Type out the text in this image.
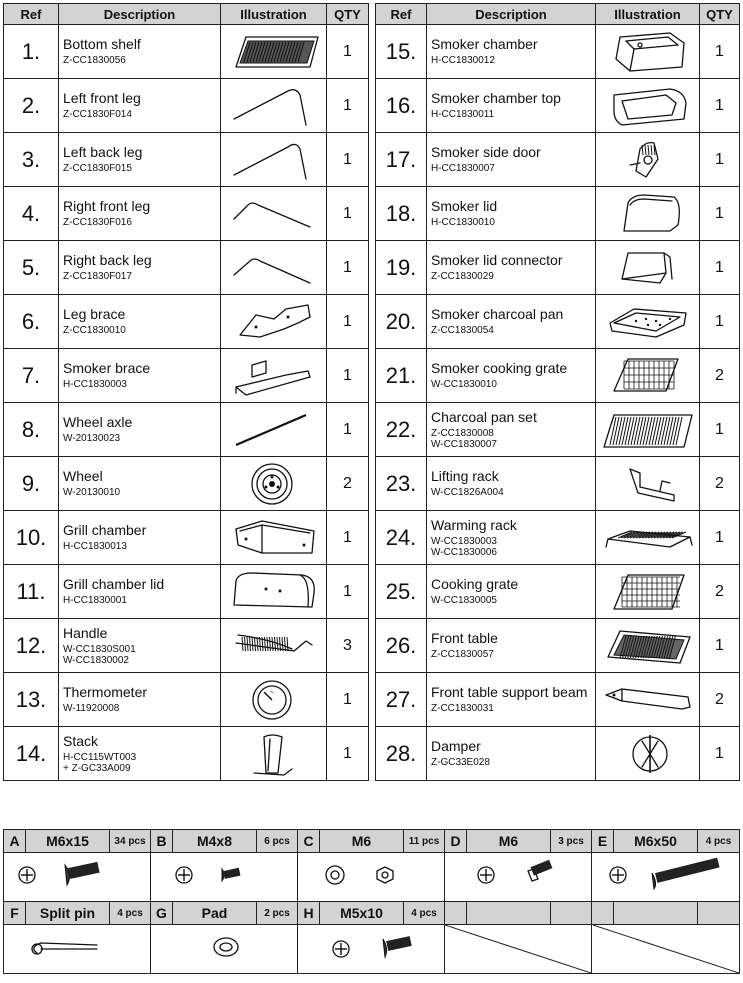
Ref	Description	Illustration	QTY
1.	Bottom shelf
Z-CC1830056		1
2.	Left front leg
Z-CC1830F014		1
3.	Left back leg
Z-CC1830F015		1
4.	Right front leg
Z-CC1830F016		1
5.	Right back leg
Z-CC1830F017		1
6.	Leg brace
Z-CC1830010		1
7.	Smoker brace
H-CC1830003		1
8.	Wheel axle
W-20130023		1
9.	Wheel
W-20130010		2
10.	Grill chamber
H-CC1830013		1
11.	Grill chamber lid
H-CC1830001		1
12.	Handle
W-CC1830S001
W-CC1830002		3
13.	Thermometer
W-11920008	~	1
14.	Stack
H-CC115WT003
+ Z-GC33A009		1
Ref	Description	Illustration	QTY
15.	Smoker chamber
H-CC1830012		1
16.	Smoker chamber top
H-CC1830011		1
17.	Smoker side door
H-CC1830007		1
18.	Smoker lid
H-CC1830010		1
19.	Smoker lid connector
Z-CC1830029		1
20.	Smoker charcoal pan
Z-CC1830054		1
21.	Smoker cooking grate
W-CC1830010		2
22.	Charcoal pan set
Z-CC1830008
W-CC1830007		1
23.	Lifting rack
W-CC1826A004		2
24.	Warming rack
W-CC1830003
W-CC1830006		1
25.	Cooking grate
W-CC1830005		2
26.	Front table
Z-CC1830057		1
27.	Front table support beam
Z-CC1830031		2
28.	Damper
Z-GC33E028		1
A	M6x15	34 pcs	B	M4x8	6 pcs	C	M6	11 pcs	D	M6	3 pcs	E	M6x50	4 pcs

F	Split pin	4 pcs	G	Pad	2 pcs	H	M5x10	4 pcs						
